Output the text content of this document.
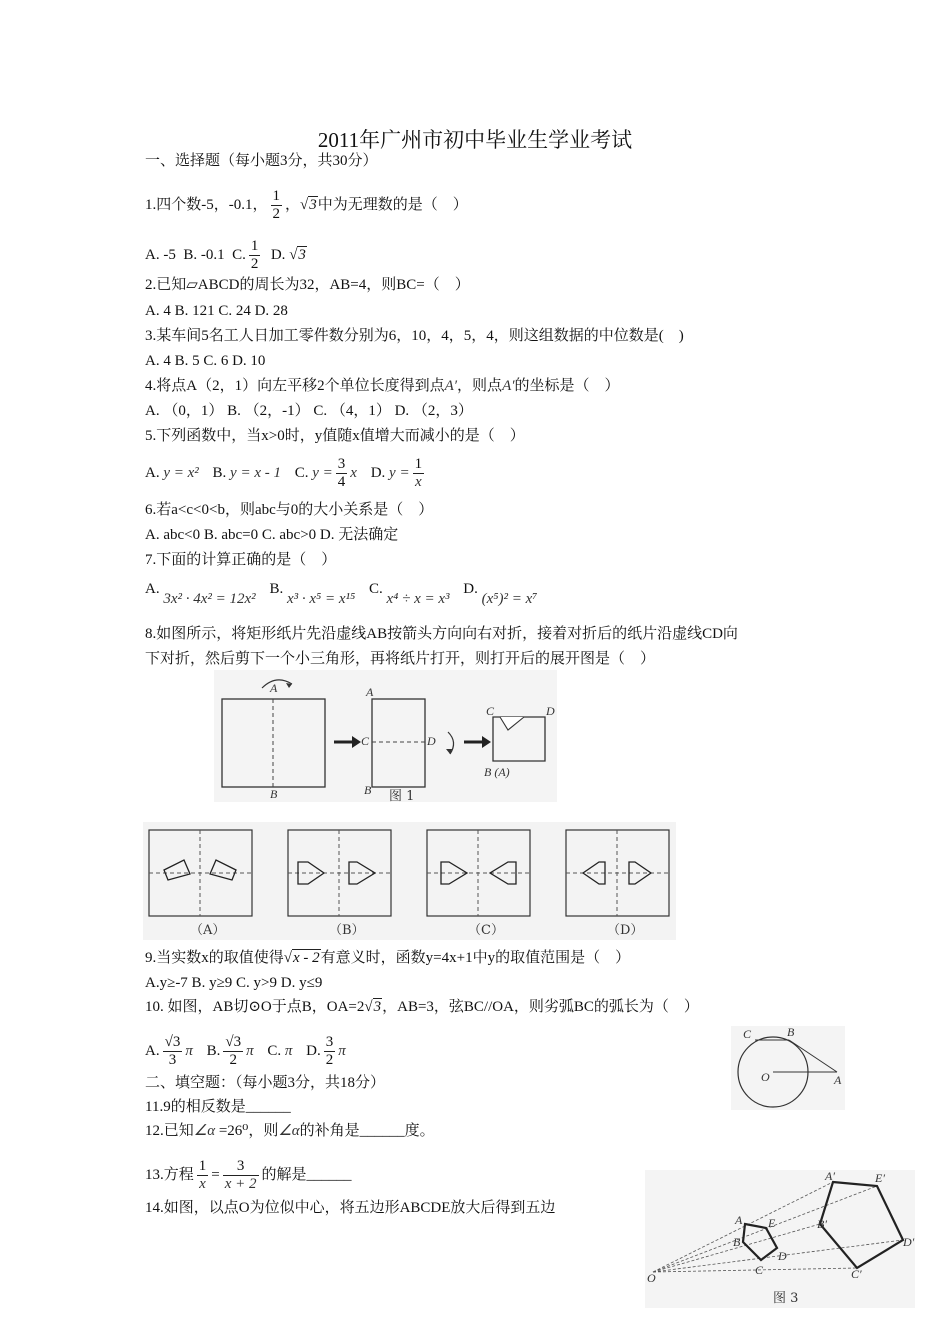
2011年广州市初中毕业生学业考试
一、选择题（每小题3分，共30分）
1.四个数-5，-0.1， $\frac{1}{2}$ ，√3中为无理数的是（　）
A. -5 B. -0.1 C. $\frac{1}{2} D$. √3
2.已知▱ABCD的周长为32，AB=4，则BC=（　）
A. 4 B. 121 C. 24 D. 28
3.某车间5名工人日加工零件数分别为6，10，4，5，4，则这组数据的中位数是(　)
A. 4 B. 5 C. 6 D. 10
4.将点A（2，1）向左平移2个单位长度得到点A′，则点A′的坐标是（　）
A. （0，1） B. （2，-1） C. （4，1） D. （2，3）
5.下列函数中，当x>0时，y值随x值增大而减小的是（　）
A. y = x² B. y = x - 1 C. $y = \frac{3}{4}$ x D. $y = \frac{1}{x}$
6.若a<c<0<b，则abc与0的大小关系是（　）
A. abc<0 B. abc=0 C. abc>0 D. 无法确定
7.下面的计算正确的是（　）
A. 3x² · 4x² = 12x² B. x³ · x⁵ = x¹⁵ C. x⁴ ÷ x = x³ D. (x⁵)² = x⁷
8.如图所示，将矩形纸片先沿虚线AB按箭头方向向右对折，接着对折后的纸片沿虚线CD向
下对折，然后剪下一个小三角形，再将纸片打开，则打开后的展开图是（　）
A
B
A
C	D
B
C	D
B (A)
图 1
（A）	（B）	（C）	（D）
9.当实数x的取值使得√x - 2有意义时，函数y=4x+1中y的取值范围是（　）
A.y≥-7 B. y≥9 C. y>9 D. y≤9
10. 如图，AB切⊙O于点B，OA=2√3，AB=3，弦BC//OA，则劣弧BC的弧长为（　）
A. $\frac{√3}{3}$ π B. $\frac{√3}{2}$ π C. π D. $\frac{3}{2}$ π
C	B
O	A
二、填空题：（每小题3分，共18分）
11.9的相反数是______
12.已知∠α =26⁰，则∠α的补角是______度。
13.方程 $\frac{1}{x} = \frac{3}{x + 2}$ 的解是______
14.如图，以点O为位似中心，将五边形ABCDE放大后得到五边
A′	E′
B′
D′
C′
A E
B
D
C
O
图 3
